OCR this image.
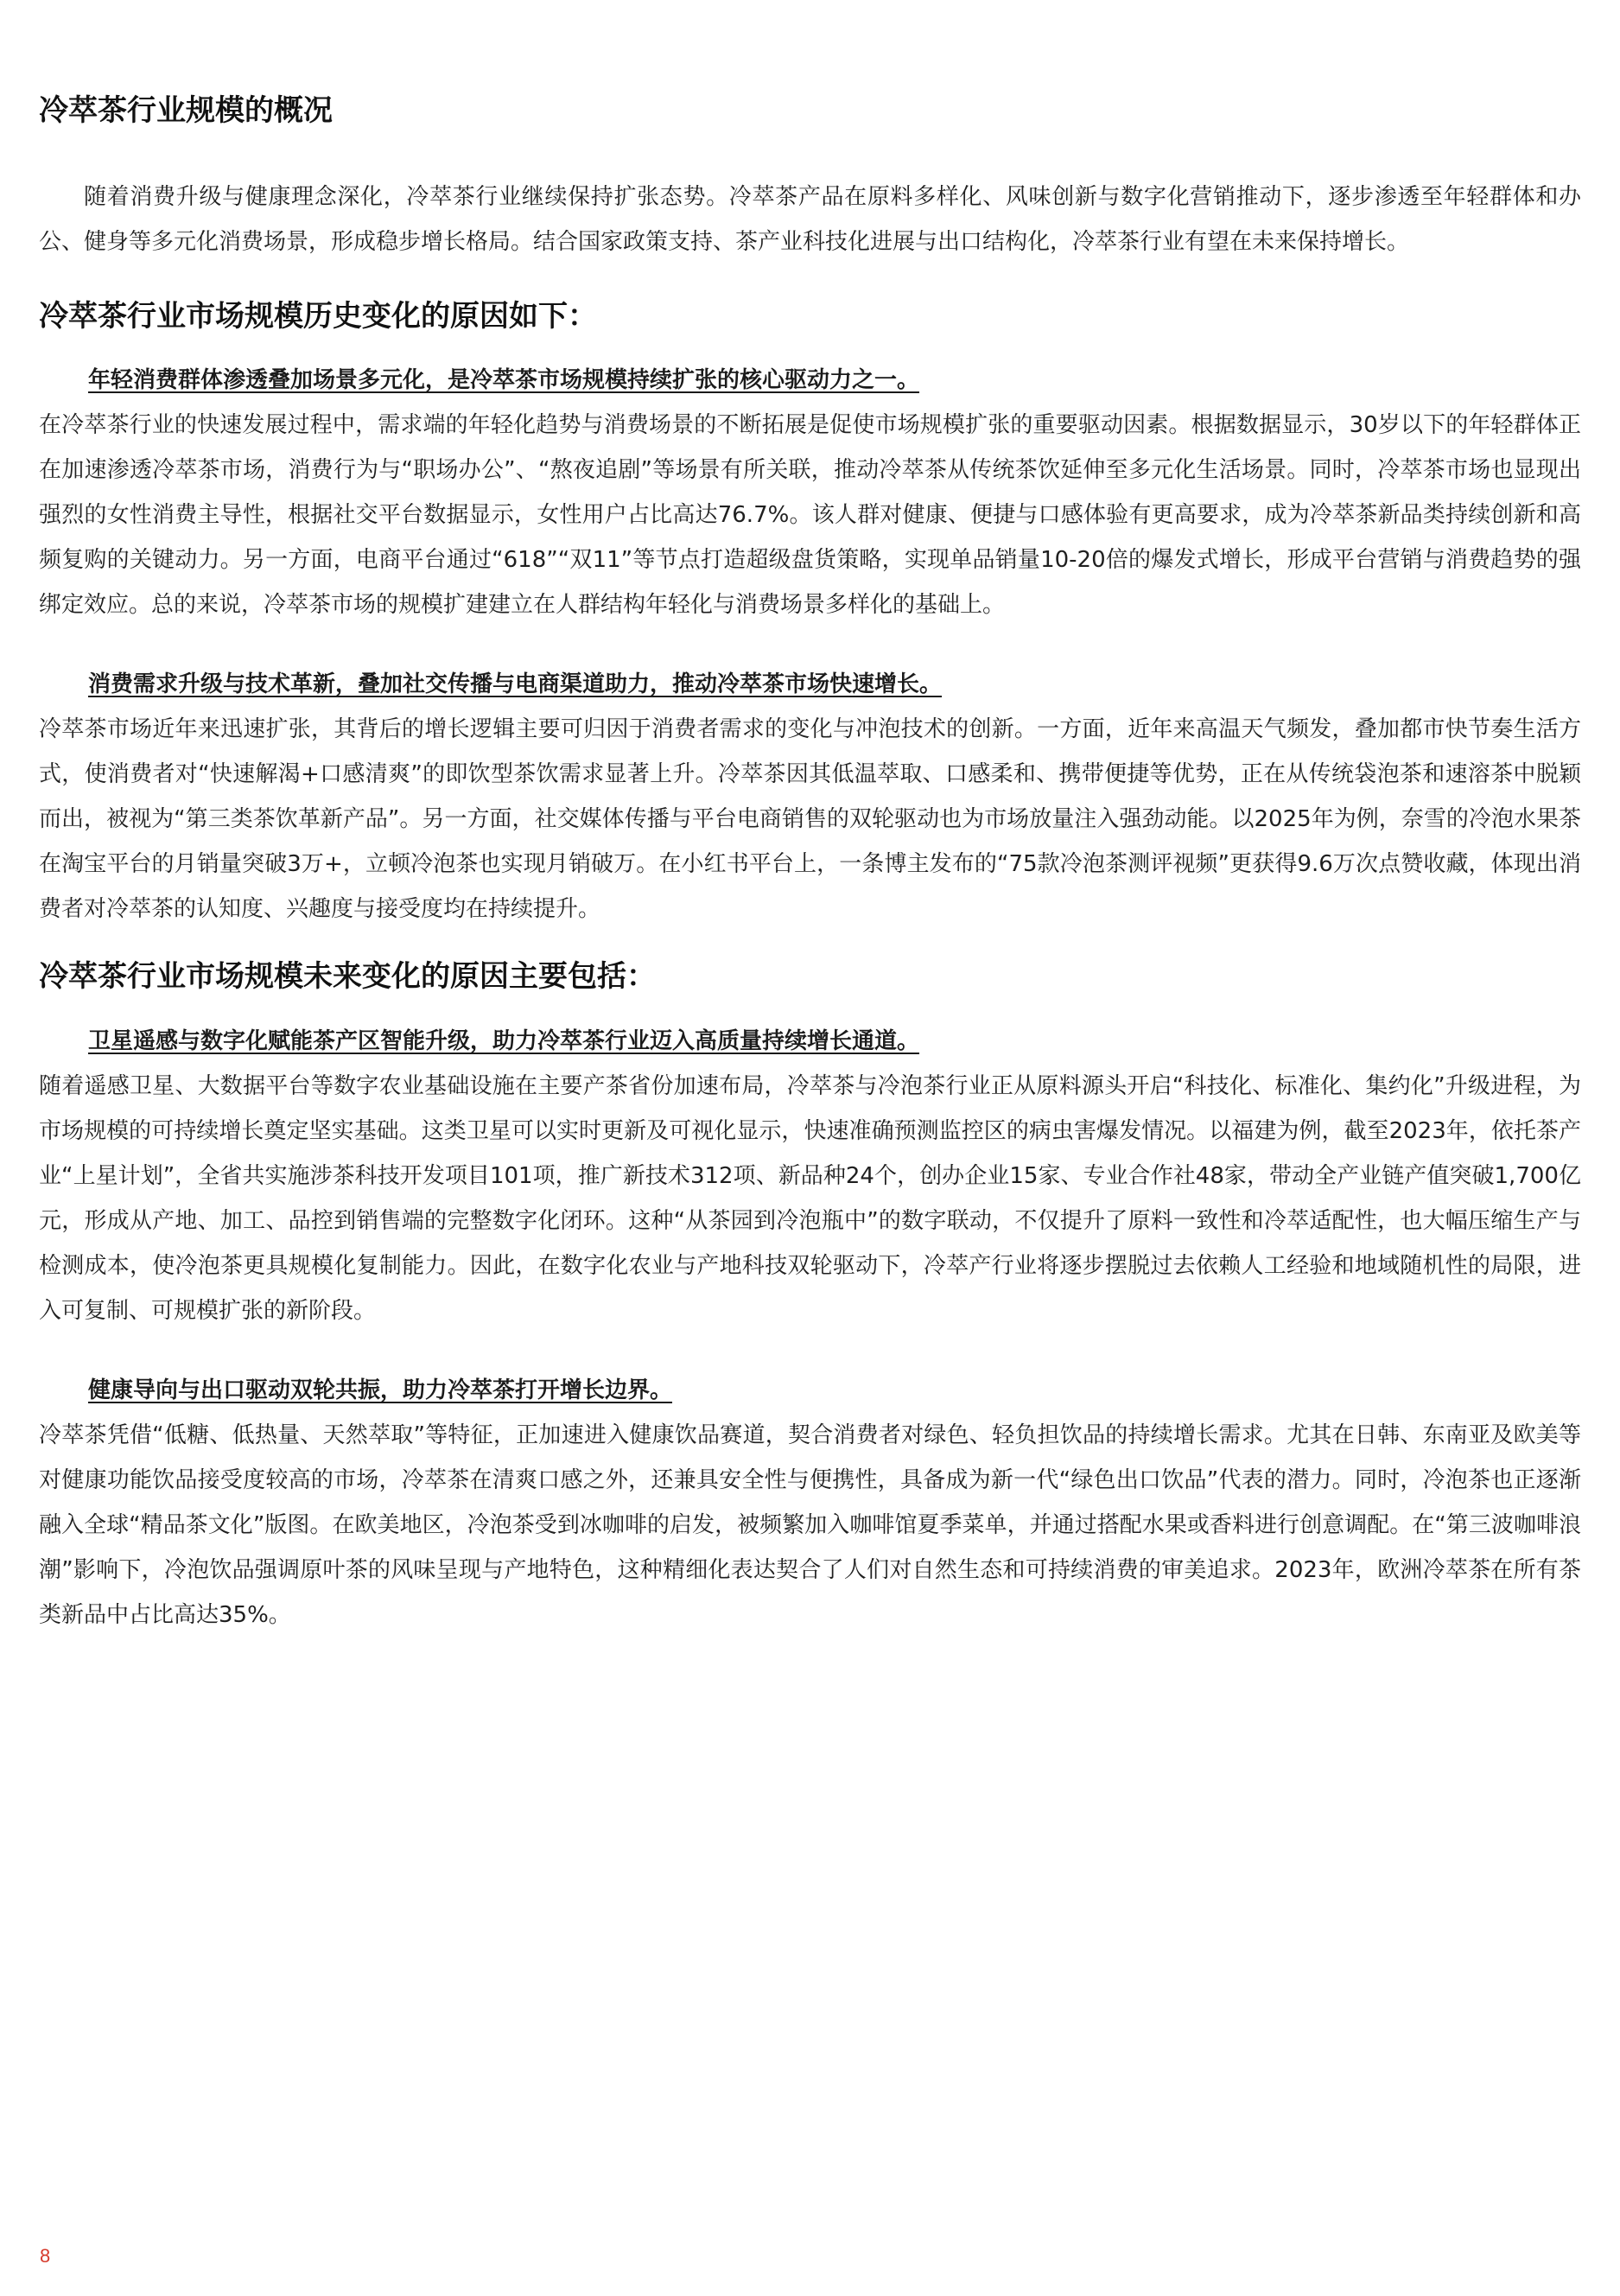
冷萃茶行业规模的概况

随着消费升级与健康理念深化，冷萃茶行业继续保持扩张态势。冷萃茶产品在原料多样化、风味创新与数字化营销推动下，逐步渗透至年轻群体和办公、健身等多元化消费场景，形成稳步增长格局。结合国家政策支持、茶产业科技化进展与出口结构化，冷萃茶行业有望在未来保持增长。

冷萃茶行业市场规模历史变化的原因如下：
年轻消费群体渗透叠加场景多元化，是冷萃茶市场规模持续扩张的核心驱动力之一。

在冷萃茶行业的快速发展过程中，需求端的年轻化趋势与消费场景的不断拓展是促使市场规模扩张的重要驱动因素。根据数据显示，30岁以下的年轻群体正在加速渗透冷萃茶市场，消费行为与“职场办公”、“熬夜追剧”等场景有所关联，推动冷萃茶从传统茶饮延伸至多元化生活场景。同时，冷萃茶市场也显现出强烈的女性消费主导性，根据社交平台数据显示，女性用户占比高达76.7%。该人群对健康、便捷与口感体验有更高要求，成为冷萃茶新品类持续创新和高频复购的关键动力。另一方面，电商平台通过“618”“双11”等节点打造超级盘货策略，实现单品销量10-20倍的爆发式增长，形成平台营销与消费趋势的强绑定效应。总的来说，冷萃茶市场的规模扩建建立在人群结构年轻化与消费场景多样化的基础上。

消费需求升级与技术革新，叠加社交传播与电商渠道助力，推动冷萃茶市场快速增长。

冷萃茶市场近年来迅速扩张，其背后的增长逻辑主要可归因于消费者需求的变化与冲泡技术的创新。一方面，近年来高温天气频发，叠加都市快节奏生活方式，使消费者对“快速解渴+口感清爽”的即饮型茶饮需求显著上升。冷萃茶因其低温萃取、口感柔和、携带便捷等优势，正在从传统袋泡茶和速溶茶中脱颖而出，被视为“第三类茶饮革新产品”。另一方面，社交媒体传播与平台电商销售的双轮驱动也为市场放量注入强劲动能。以2025年为例，奈雪的冷泡水果茶在淘宝平台的月销量突破3万+，立顿冷泡茶也实现月销破万。在小红书平台上，一条博主发布的“75款冷泡茶测评视频”更获得9.6万次点赞收藏，体现出消费者对冷萃茶的认知度、兴趣度与接受度均在持续提升。

冷萃茶行业市场规模未来变化的原因主要包括：
卫星遥感与数字化赋能茶产区智能升级，助力冷萃茶行业迈入高质量持续增长通道。

随着遥感卫星、大数据平台等数字农业基础设施在主要产茶省份加速布局，冷萃茶与冷泡茶行业正从原料源头开启“科技化、标准化、集约化”升级进程，为市场规模的可持续增长奠定坚实基础。这类卫星可以实时更新及可视化显示，快速准确预测监控区的病虫害爆发情况。以福建为例，截至2023年，依托茶产业“上星计划”，全省共实施涉茶科技开发项目101项，推广新技术312项、新品种24个，创办企业15家、专业合作社48家，带动全产业链产值突破1,700亿元，形成从产地、加工、品控到销售端的完整数字化闭环。这种“从茶园到冷泡瓶中”的数字联动，不仅提升了原料一致性和冷萃适配性，也大幅压缩生产与检测成本，使冷泡茶更具规模化复制能力。因此，在数字化农业与产地科技双轮驱动下，冷萃产行业将逐步摆脱过去依赖人工经验和地域随机性的局限，进入可复制、可规模扩张的新阶段。

健康导向与出口驱动双轮共振，助力冷萃茶打开增长边界。

冷萃茶凭借“低糖、低热量、天然萃取”等特征，正加速进入健康饮品赛道，契合消费者对绿色、轻负担饮品的持续增长需求。尤其在日韩、东南亚及欧美等对健康功能饮品接受度较高的市场，冷萃茶在清爽口感之外，还兼具安全性与便携性，具备成为新一代“绿色出口饮品”代表的潜力。同时，冷泡茶也正逐渐融入全球“精品茶文化”版图。在欧美地区，冷泡茶受到冰咖啡的启发，被频繁加入咖啡馆夏季菜单，并通过搭配水果或香料进行创意调配。在“第三波咖啡浪潮”影响下，冷泡饮品强调原叶茶的风味呈现与产地特色，这种精细化表达契合了人们对自然生态和可持续消费的审美追求。2023年，欧洲冷萃茶在所有茶类新品中占比高达35%。

8
